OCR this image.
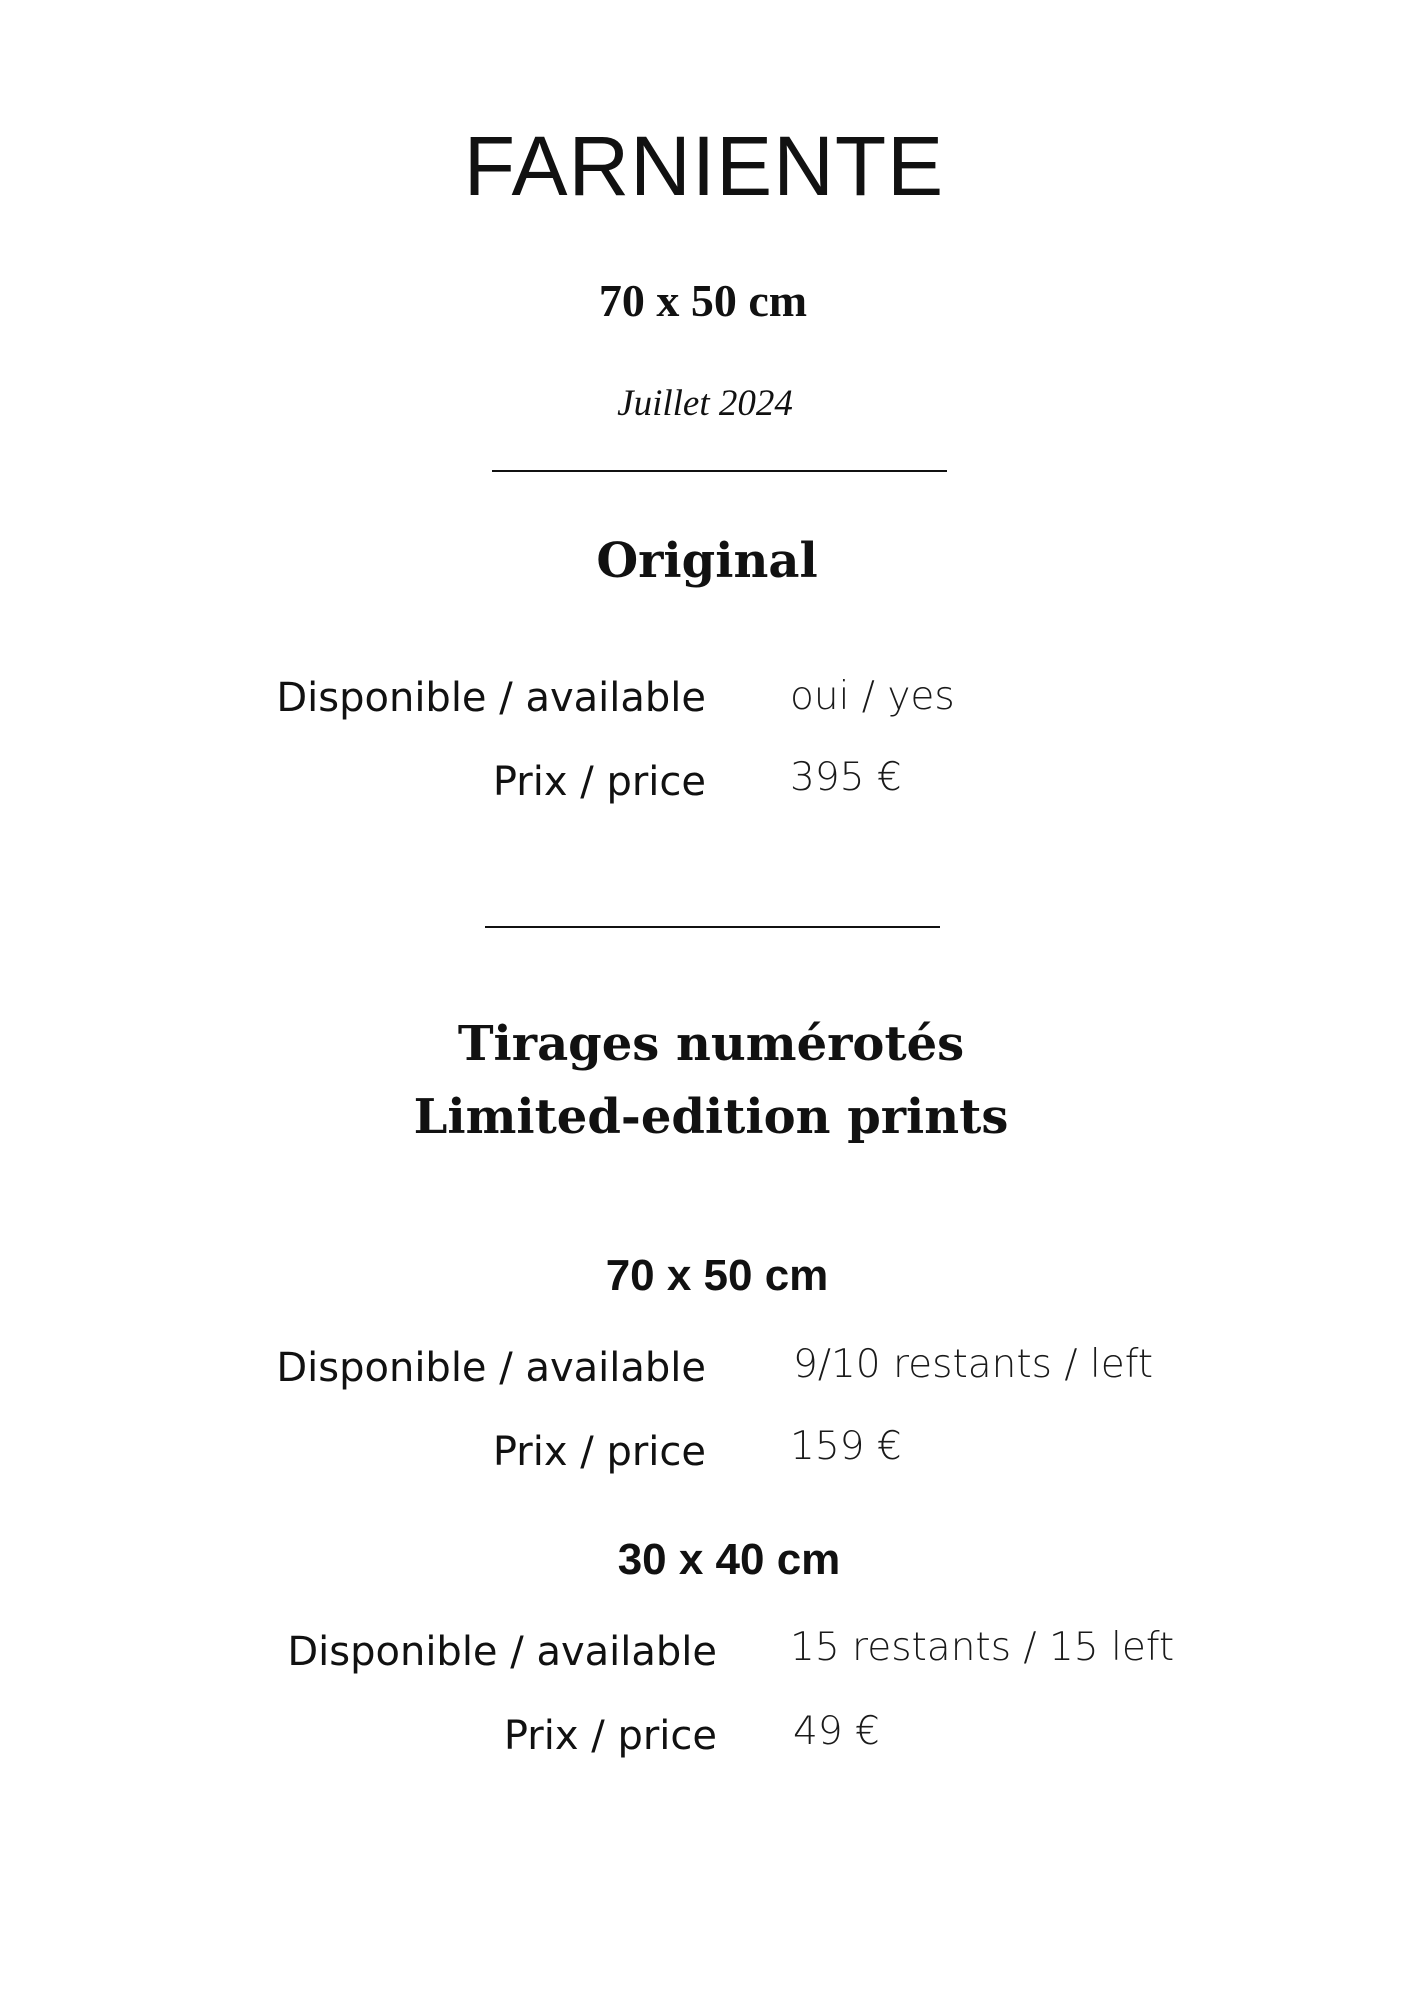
FARNIENTE
70 x 50 cm
Juillet 2024
Original
Disponible / available oui / yes
Prix / price 395 €
Tirages numérotés
Limited-edition prints
70 x 50 cm
Disponible / available 9/10 restants / left
Prix / price 159 €
30 x 40 cm
Disponible / available 15 restants / 15 left
Prix / price 49 €
